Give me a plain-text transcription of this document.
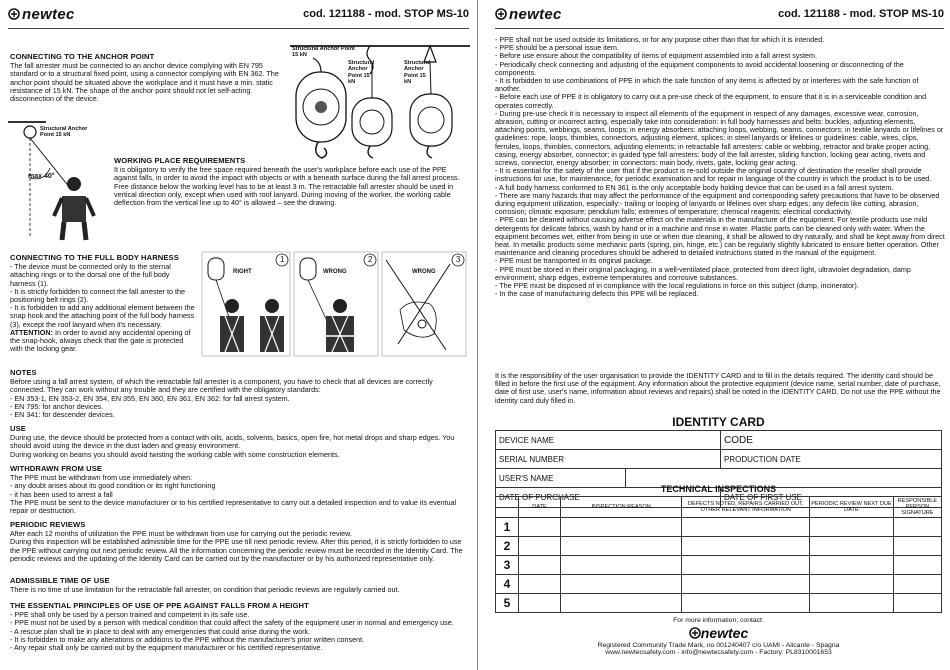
newtec	cod. 121188 - mod. STOP MS-10
CONNECTING TO THE ANCHOR POINT

The fall arrester must be connected to an anchor device complying with EN 795 standard or to a structural fixed point, using a connector complying with EN 362. The anchor point should be situated above the workplace and it must have a min. static resistance of 15 kN. The shape of the anchor point should not let self-acting disconnection of the device.

Structural Anchor Point 15 kN
Structural Anchor Point 15 kN
Structural Anchor Point 15 kN
Structural Anchor Point 15 kN
max 40°
WORKING PLACE REQUIREMENTS

It is obligatory to verify the free space required beneath the user's workplace before each use of the PPE against falls, in order to avoid the impact with objects or with a beneath surface during the fall arrest process. Free distance below the working level has to be at least 3 m. The retractable fall arrester should be used in vertical direction only, except when used with roof lanyard. During moving of the worker, the working cable deflection from the vertical line up to 40° is allowed – see the drawing.

CONNECTING TO THE FULL BODY HARNESS

- The device must be connected only to the sternal attaching rings or to the dorsal one of the full body harness (1).

- It is strictly forbidden to connect the fall arrester to the positioning belt rings (2).

- It is forbidden to add any additional element between the snap hook and the attaching point of the full body harness (3), except the roof lanyard when it's necessary.

ATTENTION: In order to avoid any accidental opening of the snap-hook, always check that the gate is protected with the locking gear.

RIGHT	WRONG	WRONG
1	2	3
NOTES

Before using a fall arrest system, of which the retractable fall arrester is a component, you have to check that all devices are correctly connected. They can work without any trouble and they are certified with the obligatory standards:

- EN 353-1, EN 353-2, EN 354, EN 355, EN 360, EN 361, EN 362: for fall arrest system.

- EN 795: for anchor devices.

- EN 341: for descender devices.

USE

During use, the device should be protected from a contact with oils, acids, solvents, basics, open fire, hot metal drops and sharp edges. You should avoid using the device in the dust laden and greasy environment.

During working on beams you should avoid twisting the working cable with some construction elements.

WITHDRAWN FROM USE

The PPE must be withdrawn from use immediately when:

- any doubt arises about its good condition or its right functioning

- it has been used to arrest a fall

The PPE must be sent to the device manufacturer or to his certified representative to carry out a detailed inspection and to value its eventual repair or destruction.

PERIODIC REVIEWS

After each 12 months of utilization the PPE must be withdrawn from use for carrying out the periodic review.

During this inspection will be established admissible time for the PPE use till next periodic review. After this period, it is strictly forbidden to use the PPE without carrying out next periodic review. All the information concerning the periodic review must be recorded in the Identity Card. The periodic reviews and the updating of the Identity Card can be carried out by the manufacturer or by his authorized representative only.

ADMISSIBLE TIME OF USE

There is no time of use limitation for the retractable fall arrester, on condition that periodic reviews are regularly carried out.

THE ESSENTIAL PRINCIPLES OF USE OF PPE AGAINST FALLS FROM A HEIGHT

- PPE shall only be used by a person trained and competent in its safe use.

- PPE must not be used by a person with medical condition that could affect the safety of the equipment user in normal and emergency use.

- A rescue plan shall be in place to deal with any emergencies that could arise during the work.

- It is forbidden to make any alterations or additions to the PPE without the manufacturer's prior written consent.

- Any repair shall only be carried out by the equipment manufacturer or his certified representative.

newtec	cod. 121188 - mod. STOP MS-10

- PPE shall not be used outside its limitations, or for any purpose other than that for which it is intended.

- PPE should be a personal issue item.

- Before use ensure about the compatibility of items of equipment assembled into a fall arrest system.

- Periodically check connecting and adjusting of the equipment components to avoid accidental loosening or disconnecting of the components.

- It is forbidden to use combinations of PPE in which the safe function of any items is affected by or interferes with the safe function of another.

- Before each use of PPE it is obligatory to carry out a pre-use check of the equipment, to ensure that it is in a serviceable condition and operates correctly.

- During pre-use check it is necessary to inspect all elements of the equipment in respect of any damages, excessive wear, corrosion, abrasion, cutting or incorrect acting, especially take into consideration: in full body harnesses and belts: buckles, adjusting elements, attaching points, webbings, seams, loops; in energy absorbers: attaching loops, webbing, seams, connectors; in textile lanyards or lifelines or guidelines: rope, loops, thimbles, connectors, adjusting element, splices; in steel lanyards or lifelines or guidelines: cable, wires, clips, ferrules, loops, thimbles, connectors, adjusting elements; in retractable fall arresters: cable or webbing, retractor and brake proper acting, casing, energy absorber, connector; in guided type fall arresters: body of the fall arrester, sliding function, locking gear acting, rivets and screws, connector, energy absorber; in connectors: main body, rivets, gate, locking gear acting.

- It is essential for the safety of the user that if the product is re-sold outside the original country of destination the reseller shall provide instructions for use, for maintenance, for periodic examination and for repair in language of the country in which the product is to be used.

- A full body harness conformed to EN 361 is the only acceptable body holding device that can be used in a fall arrest system.

- There are many hazards that may affect the performance of the equipment and corresponding safety precautions that have to be observed during equipment utilization, especially:- trailing or looping of lanyards or lifelines over sharp edges; any defects like cutting, abrasion, corrosion; climatic exposure; pendulum falls; extremes of temperature; chemical reagents; electrical conductivity.

- PPE can be cleaned without causing adverse effect on the materials in the manufacture of the equipment. For textile products use mild detergents for delicate fabrics, wash by hand or in a machine and rinse in water. Plastic parts can be cleaned only with water. When the equipment becomes wet, either from being in use or when due cleaning, it shall be allowed to dry naturally, and shall be kept away from direct heat. In metallic products some mechanic parts (spring, pin, hinge, etc.) can be regularly slightly lubricated to ensure better operation. Other maintenance and cleaning procedures should be adhered to detailed instructions stated in the manual of the equipment.

- PPE must be transported in its original package.

- PPE must be stored in their original packaging, in a well-ventilated place, protected from direct light, ultraviolet degradation, damp environment, sharp edges, extreme temperatures and corrosive substances.

- The PPE must be disposed of in compliance with the local regulations in force on this subject (dump, incinerator).

- In the case of manufacturing defects this PPE will be replaced.

It is the responsibility of the user organisation to provide the IDENTITY CARD and to fill in the details required. The identity card should be filled in before the first use of the equipment. Any information about the protective equipment (device name, serial number, date of purchase, date of first use, user's name, information about reviews and repairs) shall be noted in the IDENTITY CARD. Do not use the PPE without the identity card duly filled in.
IDENTITY CARD
DEVICE NAME	CODE
SERIAL NUMBER	PRODUCTION DATE
USER'S NAME
DATE OF PURCHASE	DATE OF FIRST USE
TECHNICAL INSPECTIONS
	DATE	INSPECTION REASON	DEFECTS NOTED, REPAIRS CARRIED OUT, OTHER RELEVANT INFORMATION	PERIODIC REVIEW NEXT DUE DATE	RESPONSIBLE PERSON SIGNATURE
1					
2					
3					
4					
5					
For more information, contact:
newtec
Registered Community Trade Mark, no 001240407 c/o UAMI - Alicante - Spagna
www.newtecsafety.com - info@newtecsafety.com - Factory: PL8310001653
